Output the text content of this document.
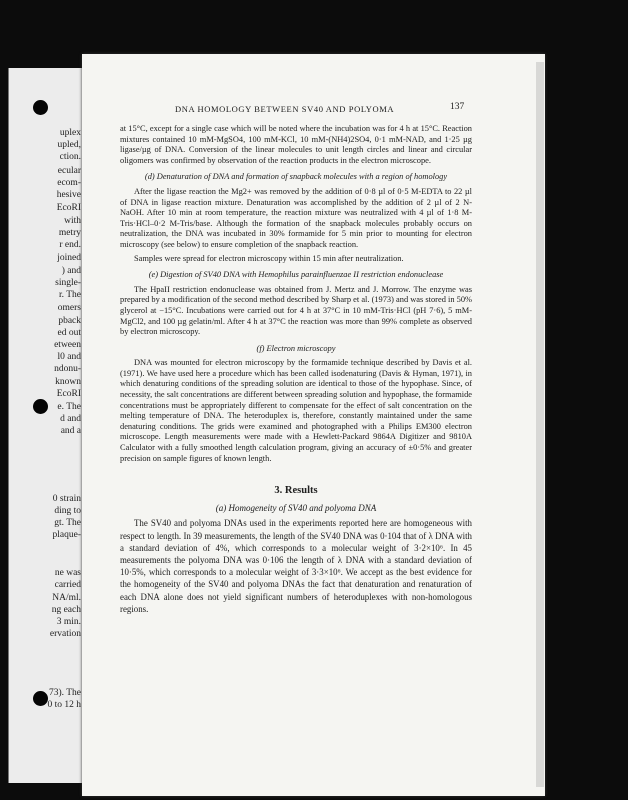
uplex
upled,
ction.
ecular
ecom-
hesive
EcoRI
with
metry
r end.
joined
) and
single-
r. The
omers
pback
ed out
etween
l0 and
ndonu-
known
EcoRI
e. The
d and
and a
0 strain
ding to
gt. The
plaque-
ne was
carried
NA/ml.
ng each
3 min.
ervation
73). The
0 to 12 h
DNA HOMOLOGY BETWEEN SV40 AND POLYOMA	137

at 15°C, except for a single case which will be noted where the incubation was for 4 h at 15°C. Reaction mixtures contained 10 mM-MgSO4, 100 mM-KCl, 10 mM-(NH4)2SO4, 0·1 mM-NAD, and 1·25 µg ligase/µg of DNA. Conversion of the linear molecules to unit length circles and linear and circular oligomers was confirmed by observation of the reaction products in the electron microscope.

(d) Denaturation of DNA and formation of snapback molecules with a region of homology

After the ligase reaction the Mg2+ was removed by the addition of 0·8 µl of 0·5 M-EDTA to 22 µl of DNA in ligase reaction mixture. Denaturation was accomplished by the addition of 2 µl of 2 N-NaOH. After 10 min at room temperature, the reaction mixture was neutralized with 4 µl of 1·8 M-Tris·HCl–0·2 M-Tris/base. Although the formation of the snapback molecules probably occurs on neutralization, the DNA was incubated in 30% formamide for 5 min prior to mounting for electron microscopy (see below) to ensure completion of the snapback reaction.

Samples were spread for electron microscopy within 15 min after neutralization.

(e) Digestion of SV40 DNA with Hemophilus parainfluenzae II restriction endonuclease

The HpaII restriction endonuclease was obtained from J. Mertz and J. Morrow. The enzyme was prepared by a modification of the second method described by Sharp et al. (1973) and was stored in 50% glycerol at −15°C. Incubations were carried out for 4 h at 37°C in 10 mM-Tris·HCl (pH 7·6), 5 mM-MgCl2, and 100 µg gelatin/ml. After 4 h at 37°C the reaction was more than 99% complete as observed by electron microscopy.

(f) Electron microscopy

DNA was mounted for electron microscopy by the formamide technique described by Davis et al. (1971). We have used here a procedure which has been called isodenaturing (Davis & Hyman, 1971), in which denaturing conditions of the spreading solution are identical to those of the hypophase. Since, of necessity, the salt concentrations are different between spreading solution and hypophase, the formamide concentrations must be appropriately different to compensate for the effect of salt concentration on the melting temperature of DNA. The heteroduplex is, therefore, constantly maintained under the same denaturing conditions. The grids were examined and photographed with a Philips EM300 electron microscope. Length measurements were made with a Hewlett-Packard 9864A Digitizer and 9810A Calculator with a fully smoothed length calculation program, giving an accuracy of ±0·5% and greater precision on sample figures of known length.

3. Results

(a) Homogeneity of SV40 and polyoma DNA

The SV40 and polyoma DNAs used in the experiments reported here are homogeneous with respect to length. In 39 measurements, the length of the SV40 DNA was 0·104 that of λ DNA with a standard deviation of 4%, which corresponds to a molecular weight of 3·2×10⁶. In 45 measurements the polyoma DNA was 0·106 the length of λ DNA with a standard deviation of 10·5%, which corresponds to a molecular weight of 3·3×10⁶. We accept as the best evidence for the homogeneity of the SV40 and polyoma DNAs the fact that denaturation and renaturation of each DNA alone does not yield significant numbers of heteroduplexes with non-homologous regions.
